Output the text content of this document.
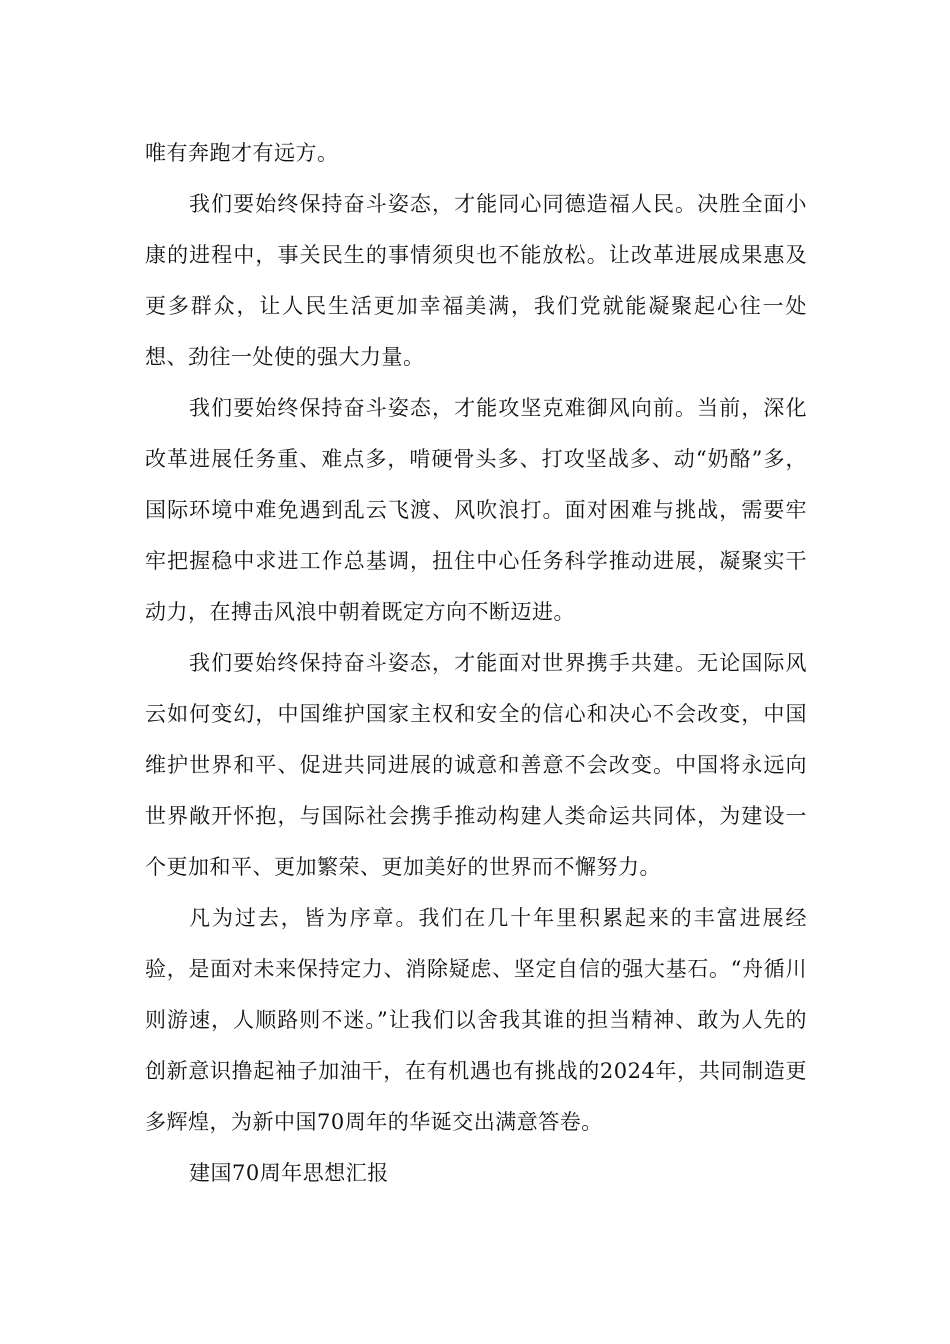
唯有奔跑才有远方。

我们要始终保持奋斗姿态，才能同心同德造福人民。决胜全面小康的进程中，事关民生的事情须臾也不能放松。让改革进展成果惠及更多群众，让人民生活更加幸福美满，我们党就能凝聚起心往一处想、劲往一处使的强大力量。

我们要始终保持奋斗姿态，才能攻坚克难御风向前。当前，深化改革进展任务重、难点多，啃硬骨头多、打攻坚战多、动“奶酪”多，国际环境中难免遇到乱云飞渡、风吹浪打。面对困难与挑战，需要牢牢把握稳中求进工作总基调，扭住中心任务科学推动进展，凝聚实干动力，在搏击风浪中朝着既定方向不断迈进。

我们要始终保持奋斗姿态，才能面对世界携手共建。无论国际风云如何变幻，中国维护国家主权和安全的信心和决心不会改变，中国维护世界和平、促进共同进展的诚意和善意不会改变。中国将永远向世界敞开怀抱，与国际社会携手推动构建人类命运共同体，为建设一个更加和平、更加繁荣、更加美好的世界而不懈努力。

凡为过去，皆为序章。我们在几十年里积累起来的丰富进展经验，是面对未来保持定力、消除疑虑、坚定自信的强大基石。“舟循川则游速，人顺路则不迷。”让我们以舍我其谁的担当精神、敢为人先的创新意识撸起袖子加油干，在有机遇也有挑战的2024年，共同制造更多辉煌，为新中国70周年的华诞交出满意答卷。

建国70周年思想汇报
